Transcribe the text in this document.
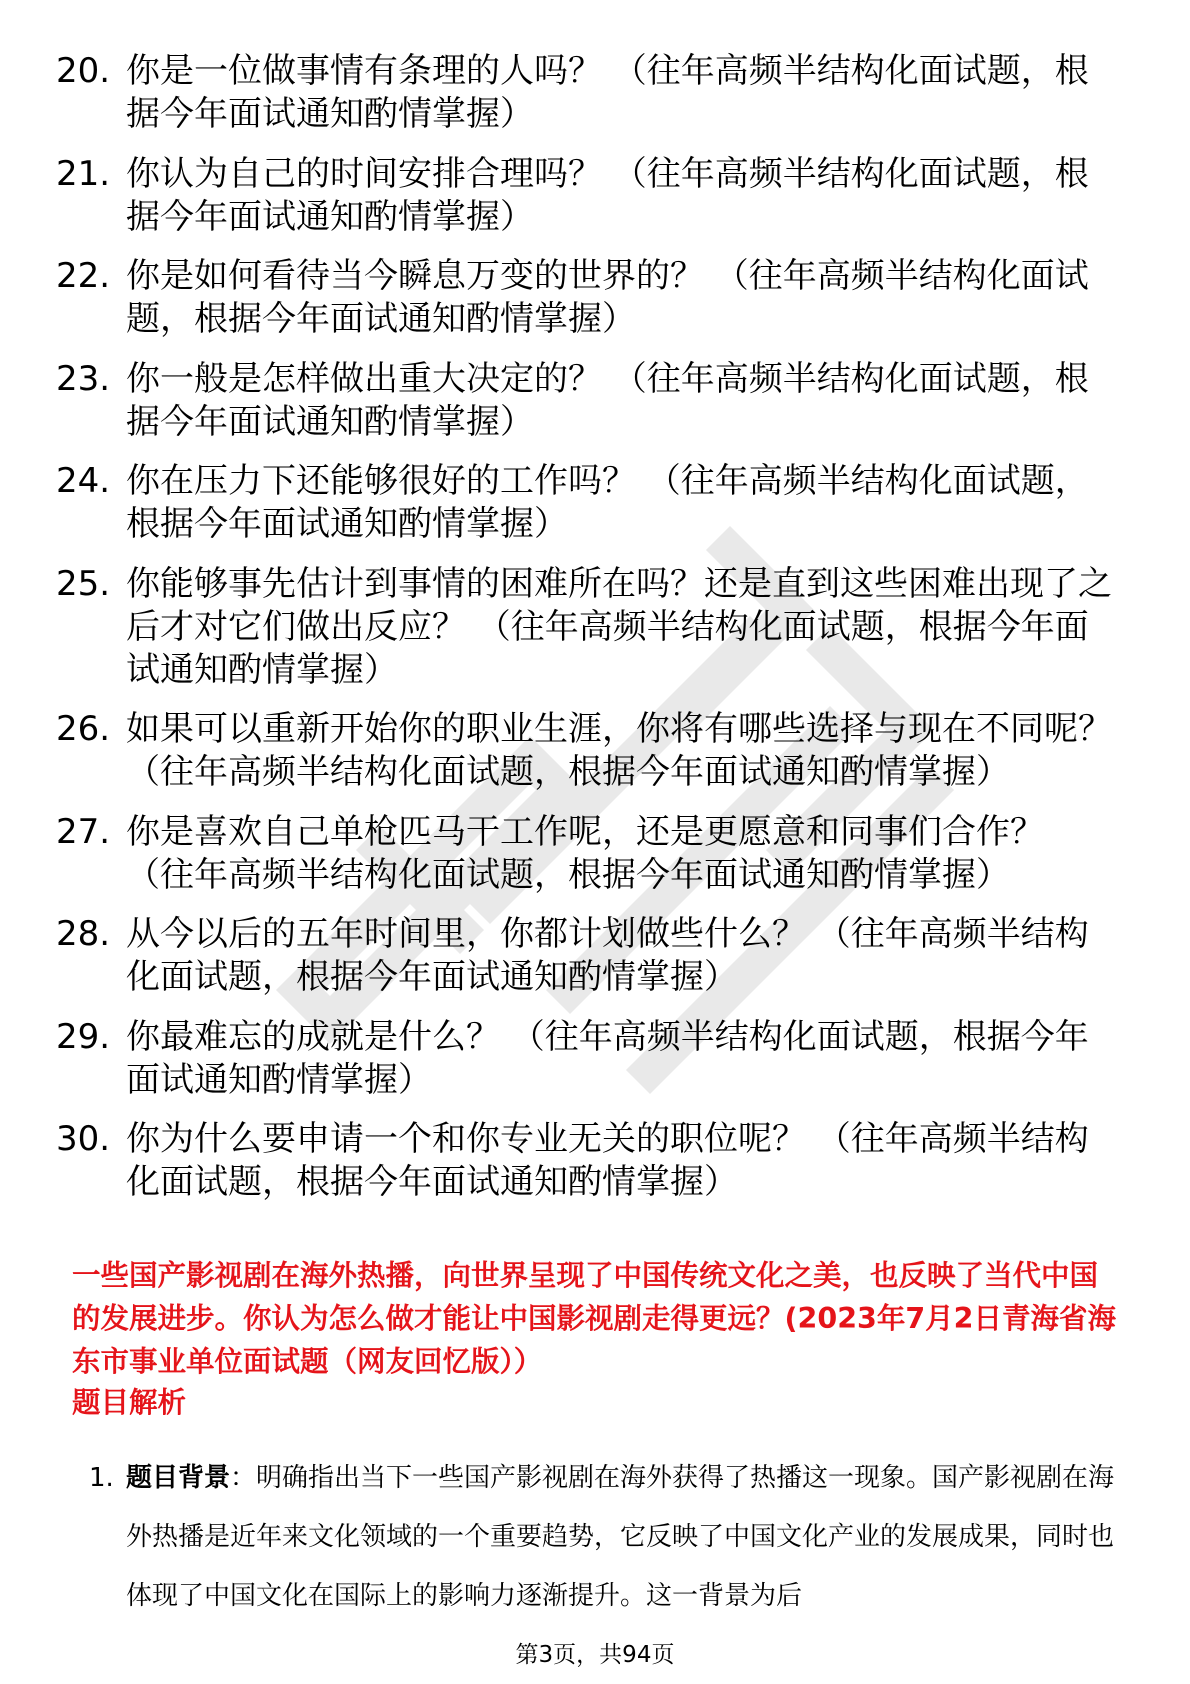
20. 你是一位做事情有条理的人吗？ （往年高频半结构化面试题，根据今年面试通知酌情掌握）
21. 你认为自己的时间安排合理吗？ （往年高频半结构化面试题，根据今年面试通知酌情掌握）
22. 你是如何看待当今瞬息万变的世界的？ （往年高频半结构化面试题，根据今年面试通知酌情掌握）
23. 你一般是怎样做出重大决定的？ （往年高频半结构化面试题，根据今年面试通知酌情掌握）
24. 你在压力下还能够很好的工作吗？ （往年高频半结构化面试题，根据今年面试通知酌情掌握）
25. 你能够事先估计到事情的困难所在吗？还是直到这些困难出现了之后才对它们做出反应？ （往年高频半结构化面试题，根据今年面试通知酌情掌握）
26. 如果可以重新开始你的职业生涯，你将有哪些选择与现在不同呢？ （往年高频半结构化面试题，根据今年面试通知酌情掌握）
27. 你是喜欢自己单枪匹马干工作呢，还是更愿意和同事们合作？ （往年高频半结构化面试题，根据今年面试通知酌情掌握）
28. 从今以后的五年时间里，你都计划做些什么？ （往年高频半结构化面试题，根据今年面试通知酌情掌握）
29. 你最难忘的成就是什么？ （往年高频半结构化面试题，根据今年面试通知酌情掌握）
30. 你为什么要申请一个和你专业无关的职位呢？ （往年高频半结构化面试题，根据今年面试通知酌情掌握）
一些国产影视剧在海外热播，向世界呈现了中国传统文化之美，也反映了当代中国的发展进步。你认为怎么做才能让中国影视剧走得更远？(2023年7月2日青海省海东市事业单位面试题（网友回忆版））
题目解析
1. 题目背景：明确指出当下一些国产影视剧在海外获得了热播这一现象。国产影视剧在海外热播是近年来文化领域的一个重要趋势，它反映了中国文化产业的发展成果，同时也体现了中国文化在国际上的影响力逐渐提升。这一背景为后
第3页，共94页
